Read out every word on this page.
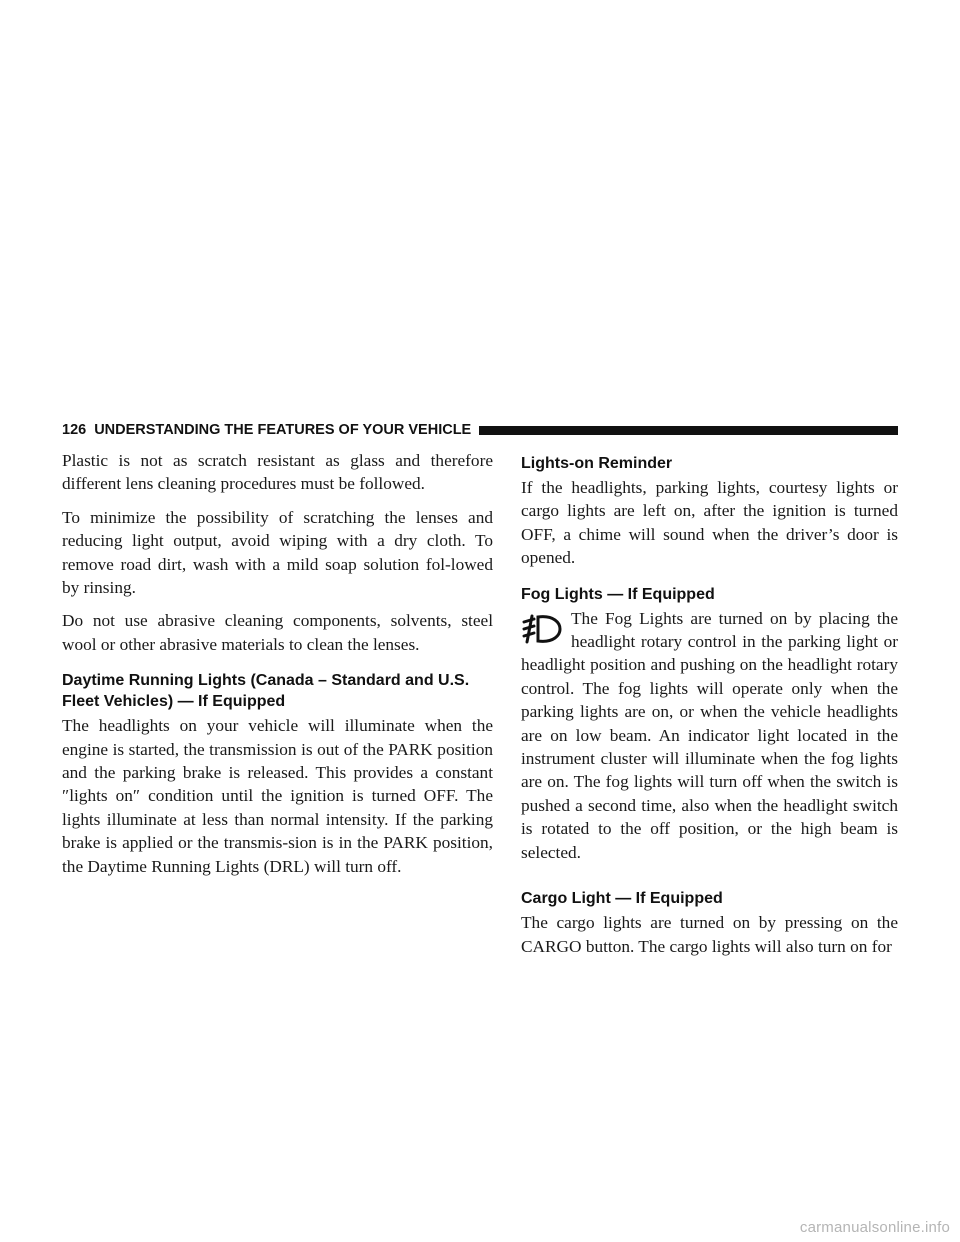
126 UNDERSTANDING THE FEATURES OF YOUR VEHICLE

Plastic is not as scratch resistant as glass and therefore different lens cleaning procedures must be followed.

To minimize the possibility of scratching the lenses and reducing light output, avoid wiping with a dry cloth. To remove road dirt, wash with a mild soap solution fol-lowed by rinsing.

Do not use abrasive cleaning components, solvents, steel wool or other abrasive materials to clean the lenses.

Daytime Running Lights (Canada – Standard and U.S. Fleet Vehicles) — If Equipped

The headlights on your vehicle will illuminate when the engine is started, the transmission is out of the PARK position and the parking brake is released. This provides a constant ″lights on″ condition until the ignition is turned OFF. The lights illuminate at less than normal intensity. If the parking brake is applied or the transmis-sion is in the PARK position, the Daytime Running Lights (DRL) will turn off.

Lights-on Reminder

If the headlights, parking lights, courtesy lights or cargo lights are left on, after the ignition is turned OFF, a chime will sound when the driver’s door is opened.

Fog Lights — If Equipped

The Fog Lights are turned on by placing the headlight rotary control in the parking light or headlight position and pushing on the headlight rotary control. The fog lights will operate only when the parking lights are on, or when the vehicle headlights are on low beam. An indicator light located in the instrument cluster will illuminate when the fog lights are on. The fog lights will turn off when the switch is pushed a second time, also when the headlight switch is rotated to the off position, or the high beam is selected.

Cargo Light — If Equipped

The cargo lights are turned on by pressing on the CARGO button. The cargo lights will also turn on for

carmanualsonline.info
